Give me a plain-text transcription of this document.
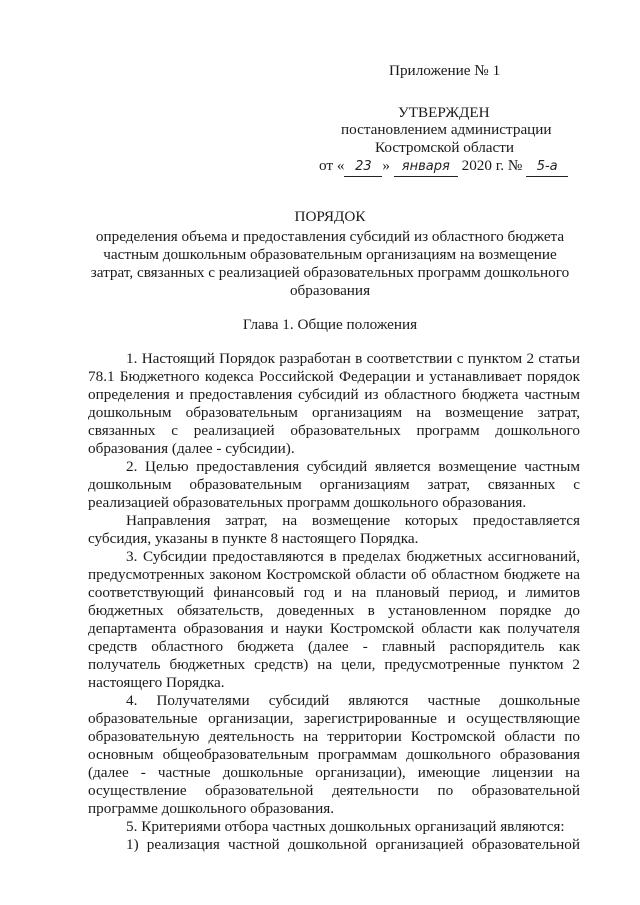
Приложение № 1
УТВЕРЖДЕН
постановлением администрации
Костромской области
от « 23 » января 2020 г. № 5-а
ПОРЯДОК
определения объема и предоставления субсидий из областного бюджета
частным дошкольным образовательным организациям на возмещение
затрат, связанных с реализацией образовательных программ дошкольного
образования
Глава 1. Общие положения
1. Настоящий Порядок разработан в соответствии с пунктом 2 статьи
78.1 Бюджетного кодекса Российской Федерации и устанавливает порядок
определения и предоставления субсидий из областного бюджета частным
дошкольным образовательным организациям на возмещение затрат,
связанных с реализацией образовательных программ дошкольного
образования (далее - субсидии).
2. Целью предоставления субсидий является возмещение частным
дошкольным образовательным организациям затрат, связанных с
реализацией образовательных программ дошкольного образования.
Направления затрат, на возмещение которых предоставляется
субсидия, указаны в пункте 8 настоящего Порядка.
3. Субсидии предоставляются в пределах бюджетных ассигнований,
предусмотренных законом Костромской области об областном бюджете на
соответствующий финансовый год и на плановый период, и лимитов
бюджетных обязательств, доведенных в установленном порядке до
департамента образования и науки Костромской области как получателя
средств областного бюджета (далее - главный распорядитель как
получатель бюджетных средств) на цели, предусмотренные пунктом 2
настоящего Порядка.
4. Получателями субсидий являются частные дошкольные
образовательные организации, зарегистрированные и осуществляющие
образовательную деятельность на территории Костромской области по
основным общеобразовательным программам дошкольного образования
(далее - частные дошкольные организации), имеющие лицензии на
осуществление образовательной деятельности по образовательной
программе дошкольного образования.
5. Критериями отбора частных дошкольных организаций являются:
1) реализация частной дошкольной организацией образовательной
